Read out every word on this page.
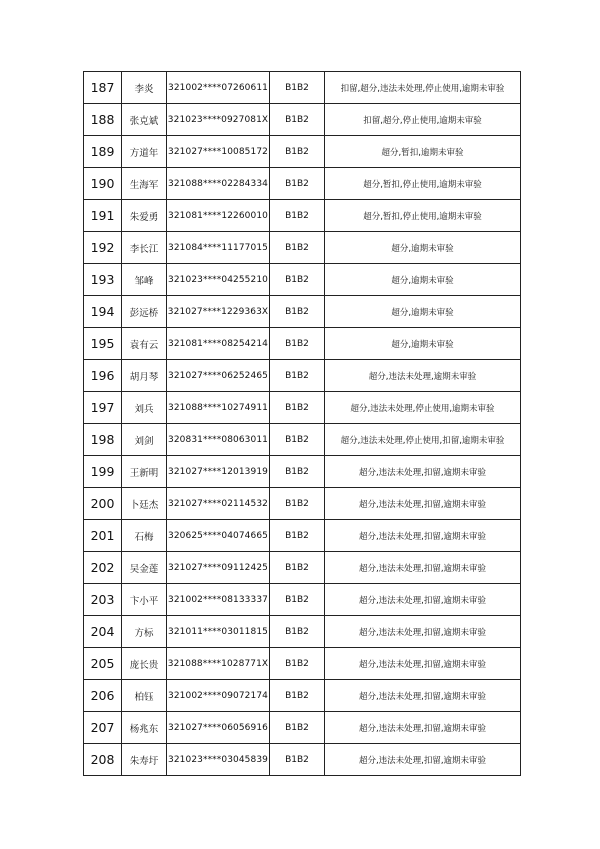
187	李炎	321002****07260611	B1B2	扣留,超分,违法未处理,停止使用,逾期未审验
188	张克斌	321023****0927081X	B1B2	扣留,超分,停止使用,逾期未审验
189	方道年	321027****10085172	B1B2	超分,暂扣,逾期未审验
190	生海军	321088****02284334	B1B2	超分,暂扣,停止使用,逾期未审验
191	朱爱勇	321081****12260010	B1B2	超分,暂扣,停止使用,逾期未审验
192	李长江	321084****11177015	B1B2	超分,逾期未审验
193	邹峰	321023****04255210	B1B2	超分,逾期未审验
194	彭远桥	321027****1229363X	B1B2	超分,逾期未审验
195	袁有云	321081****08254214	B1B2	超分,逾期未审验
196	胡月琴	321027****06252465	B1B2	超分,违法未处理,逾期未审验
197	刘兵	321088****10274911	B1B2	超分,违法未处理,停止使用,逾期未审验
198	刘剑	320831****08063011	B1B2	超分,违法未处理,停止使用,扣留,逾期未审验
199	王新明	321027****12013919	B1B2	超分,违法未处理,扣留,逾期未审验
200	卜廷杰	321027****02114532	B1B2	超分,违法未处理,扣留,逾期未审验
201	石梅	320625****04074665	B1B2	超分,违法未处理,扣留,逾期未审验
202	吴金莲	321027****09112425	B1B2	超分,违法未处理,扣留,逾期未审验
203	卞小平	321002****08133337	B1B2	超分,违法未处理,扣留,逾期未审验
204	方标	321011****03011815	B1B2	超分,违法未处理,扣留,逾期未审验
205	庞长贵	321088****1028771X	B1B2	超分,违法未处理,扣留,逾期未审验
206	柏钰	321002****09072174	B1B2	超分,违法未处理,扣留,逾期未审验
207	杨兆东	321027****06056916	B1B2	超分,违法未处理,扣留,逾期未审验
208	朱寿圩	321023****03045839	B1B2	超分,违法未处理,扣留,逾期未审验
